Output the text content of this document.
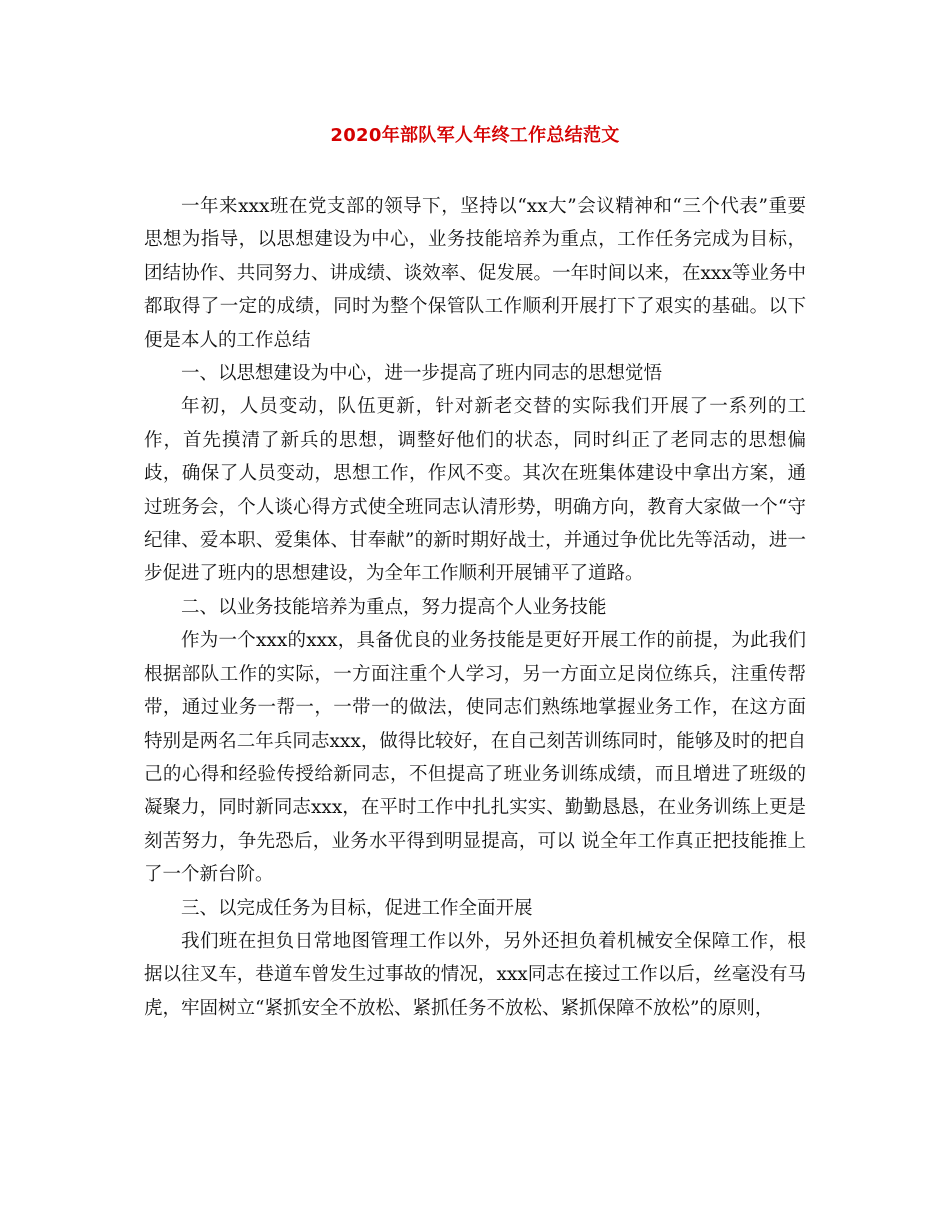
2020年部队军人年终工作总结范文

一年来xxx班在党支部的领导下，坚持以“xx大”会议精神和“三个代表”重要思想为指导，以思想建设为中心，业务技能培养为重点，工作任务完成为目标，团结协作、共同努力、讲成绩、谈效率、促发展。一年时间以来，在xxx等业务中都取得了一定的成绩，同时为整个保管队工作顺利开展打下了艰实的基础。以下便是本人的工作总结

一、以思想建设为中心，进一步提高了班内同志的思想觉悟

年初，人员变动，队伍更新，针对新老交替的实际我们开展了一系列的工作，首先摸清了新兵的思想，调整好他们的状态，同时纠正了老同志的思想偏歧，确保了人员变动，思想工作，作风不变。其次在班集体建设中拿出方案，通过班务会，个人谈心得方式使全班同志认清形势，明确方向，教育大家做一个“守纪律、爱本职、爱集体、甘奉献”的新时期好战士，并通过争优比先等活动，进一步促进了班内的思想建设，为全年工作顺利开展铺平了道路。

二、以业务技能培养为重点，努力提高个人业务技能

作为一个xxx的xxx，具备优良的业务技能是更好开展工作的前提，为此我们根据部队工作的实际，一方面注重个人学习，另一方面立足岗位练兵，注重传帮带，通过业务一帮一，一带一的做法，使同志们熟练地掌握业务工作，在这方面特别是两名二年兵同志xxx，做得比较好，在自己刻苦训练同时，能够及时的把自己的心得和经验传授给新同志，不但提高了班业务训练成绩，而且增进了班级的凝聚力，同时新同志xxx，在平时工作中扎扎实实、勤勤恳恳，在业务训练上更是刻苦努力，争先恐后，业务水平得到明显提高，可以 说全年工作真正把技能推上了一个新台阶。

三、以完成任务为目标，促进工作全面开展

我们班在担负日常地图管理工作以外，另外还担负着机械安全保障工作，根据以往叉车，巷道车曾发生过事故的情况，xxx同志在接过工作以后，丝毫没有马虎，牢固树立“紧抓安全不放松、紧抓任务不放松、紧抓保障不放松”的原则，
